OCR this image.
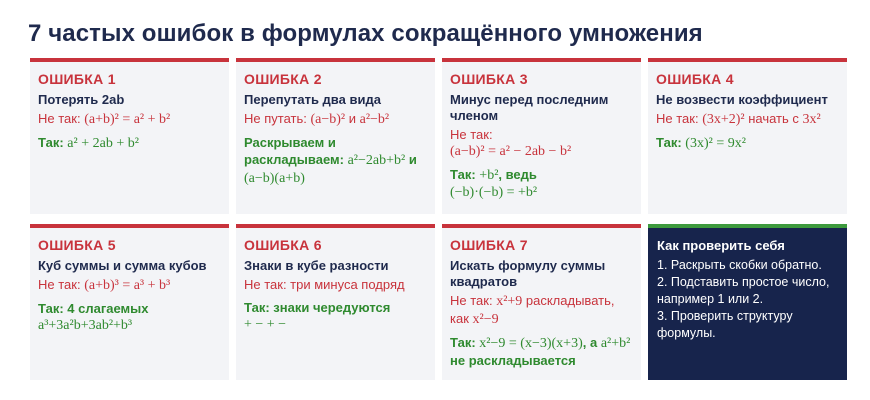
7 частых ошибок в формулах сокращённого умножения
ОШИБКА 1
Потерять 2ab
Не так: (a+b)² = a² + b²
Так: a² + 2ab + b²
ОШИБКА 2
Перепутать два вида
Не путать: (a−b)² и a²−b²
Раскрываем и раскладываем: a²−2ab+b² и (a−b)(a+b)
ОШИБКА 3
Минус перед последним членом
Не так:
(a−b)² = a² − 2ab − b²
Так: +b², ведь
(−b)·(−b) = +b²
ОШИБКА 4
Не возвести коэффициент
Не так: (3x+2)² начать с 3x²
Так: (3x)² = 9x²
ОШИБКА 5
Куб суммы и сумма кубов
Не так: (a+b)³ = a³ + b³
Так: 4 слагаемых
a³+3a²b+3ab²+b³
ОШИБКА 6
Знаки в кубе разности
Не так: три минуса подряд
Так: знаки чередуются
+ − + −
ОШИБКА 7
Искать формулу суммы квадратов
Не так: x²+9 раскладывать, как x²−9
Так: x²−9 = (x−3)(x+3), а a²+b² не раскладывается
Как проверить себя
1. Раскрыть скобки обратно.
2. Подставить простое число, например 1 или 2.
3. Проверить структуру формулы.
